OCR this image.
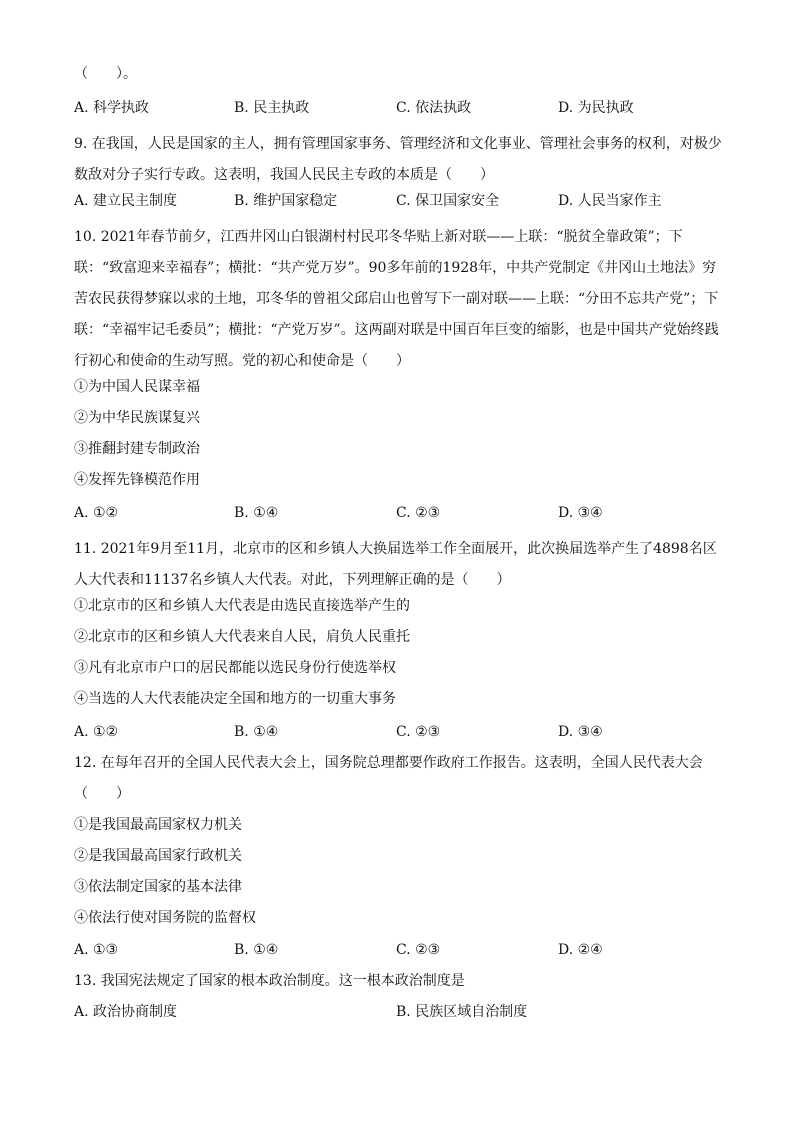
（　　）。
A. 科学执政	B. 民主执政	C. 依法执政	D. 为民执政
9. 在我国，人民是国家的主人，拥有管理国家事务、管理经济和文化事业、管理社会事务的权利，对极少数敌对分子实行专政。这表明，我国人民民主专政的本质是（　　）
A. 建立民主制度	B. 维护国家稳定	C. 保卫国家安全	D. 人民当家作主
10. 2021年春节前夕，江西井冈山白银湖村村民邛冬华贴上新对联——上联：“脱贫全靠政策”；下联：“致富迎来幸福春”；横批：“共产党万岁”。90多年前的1928年，中共产党制定《井冈山土地法》穷苦农民获得梦寐以求的土地，邛冬华的曾祖父邱启山也曾写下一副对联——上联：“分田不忘共产党”；下联：“幸福牢记毛委员”；横批：“产党万岁”。这两副对联是中国百年巨变的缩影，也是中国共产党始终践行初心和使命的生动写照。党的初心和使命是（　　）
①为中国人民谋幸福
②为中华民族谋复兴
③推翻封建专制政治
④发挥先锋模范作用
A. ①②	B. ①④	C. ②③	D. ③④
11. 2021年9月至11月，北京市的区和乡镇人大换届选举工作全面展开，此次换届选举产生了4898名区人大代表和11137名乡镇人大代表。对此，下列理解正确的是（　　）
①北京市的区和乡镇人大代表是由选民直接选举产生的
②北京市的区和乡镇人大代表来自人民，肩负人民重托
③凡有北京市户口的居民都能以选民身份行使选举权
④当选的人大代表能决定全国和地方的一切重大事务
A. ①②	B. ①④	C. ②③	D. ③④
12. 在每年召开的全国人民代表大会上，国务院总理都要作政府工作报告。这表明，全国人民代表大会
（　　）
①是我国最高国家权力机关
②是我国最高国家行政机关
③依法制定国家的基本法律
④依法行使对国务院的监督权
A. ①③	B. ①④	C. ②③	D. ②④
13. 我国宪法规定了国家的根本政治制度。这一根本政治制度是
A. 政治协商制度	B. 民族区域自治制度
